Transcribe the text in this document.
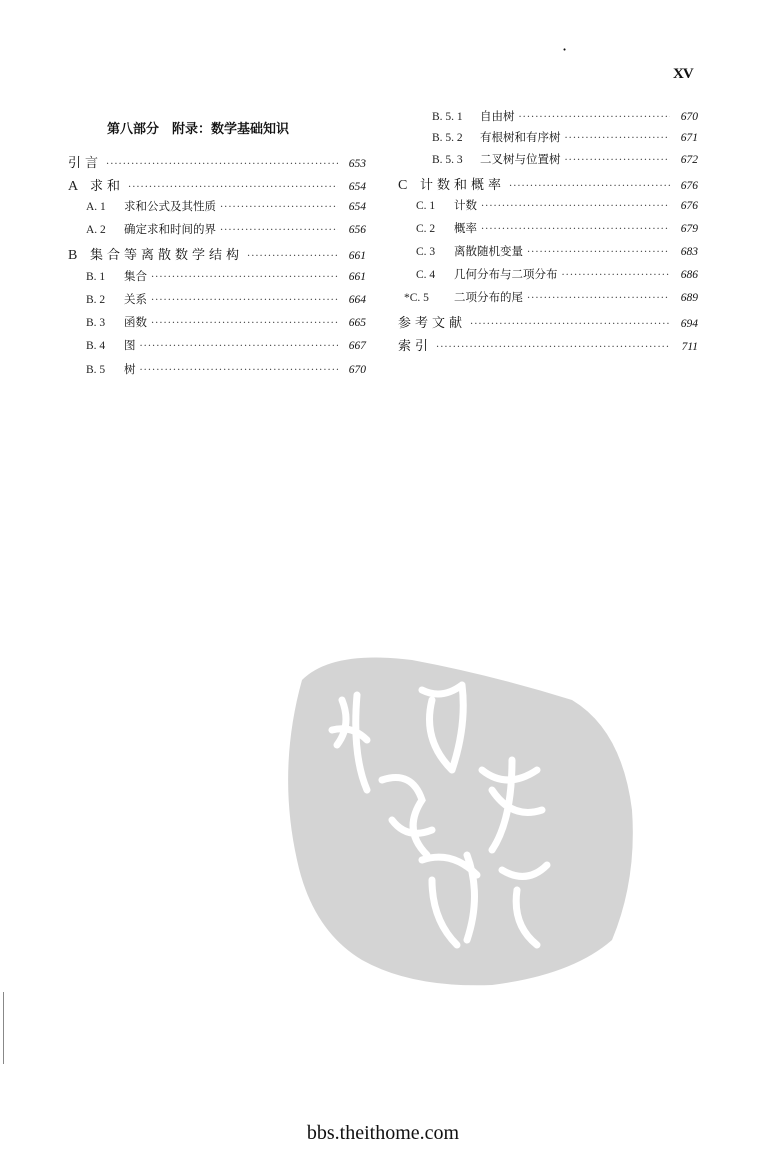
·
XV
第八部分　附录：数学基础知识
引言 ·····	653
A 求和 ·····	654
A. 1	求和公式及其性质 ·····	654
A. 2	确定求和时间的界 ·····	656
B 集合等离散数学结构 ·····	661
B. 1	集合 ·····	661
B. 2	关系 ·····	664
B. 3	函数 ·····	665
B. 4	图 ·····	667
B. 5	树 ·····	670
B. 5. 1	自由树 ·····	670
B. 5. 2	有根树和有序树 ·····	671
B. 5. 3	二叉树与位置树 ·····	672
C 计数和概率 ·····	676
C. 1	计数 ·····	676
C. 2	概率 ·····	679
C. 3	离散随机变量 ·····	683
C. 4	几何分布与二项分布 ·····	686
*C. 5	二项分布的尾 ·····	689
参考文献 ·····	694
索引 ·····	711
bbs.theithome.com
